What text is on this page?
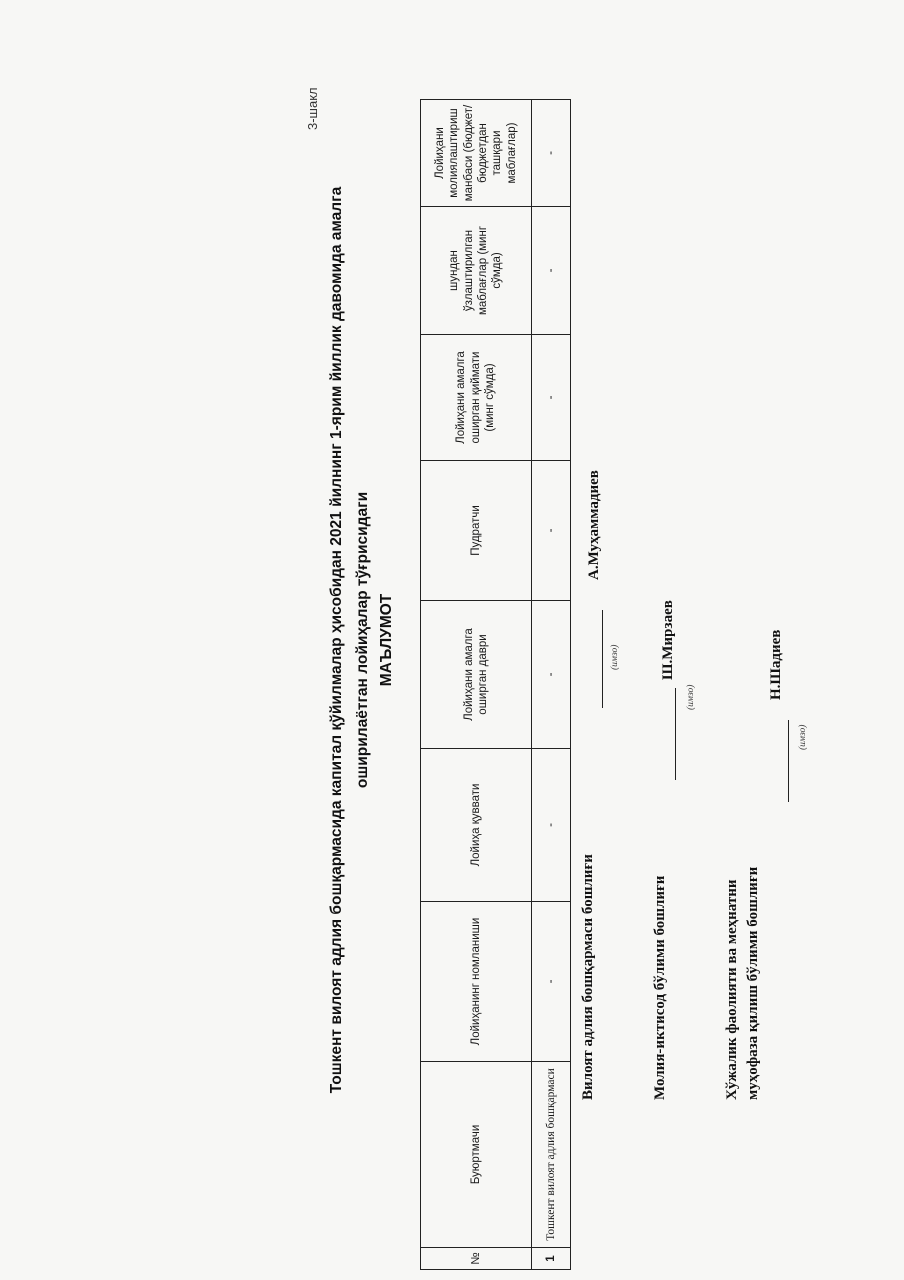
3-шакл
Тошкент вилоят адлия бошқармасида капитал қўйилмалар ҳисобидан 2021 йилнинг 1-ярим йиллик давомида амалга оширилаётган лойиҳалар тўғрисидаги МАЪЛУМОТ
№	Буюртмачи	Лойиҳанинг номланиши	Лойиҳа қуввати	Лойиҳани амалга оширган даври	Пудратчи	Лойиҳани амалга оширган қиймати (минг сўмда)	шундан ўзлаштирилган маблағлар (минг сўмда)	Лойиҳани молиялаштириш манбаси (бюджет/бюджетдан ташқари маблағлар)
1	Тошкент вилоят адлия бошқармаси	-	-	-	-	-	-	-
Вилоят адлия бошқармаси бошлиғи
(имзо)
А.Муҳаммадиев
Молия-иктисод бўлими бошлиғи
(имзо)
Ш.Мирзаев
Хўжалик фаолияти ва меҳнатни муҳофаза қилиш бўлими бошлиғи
(имзо)
Н.Шадиев
